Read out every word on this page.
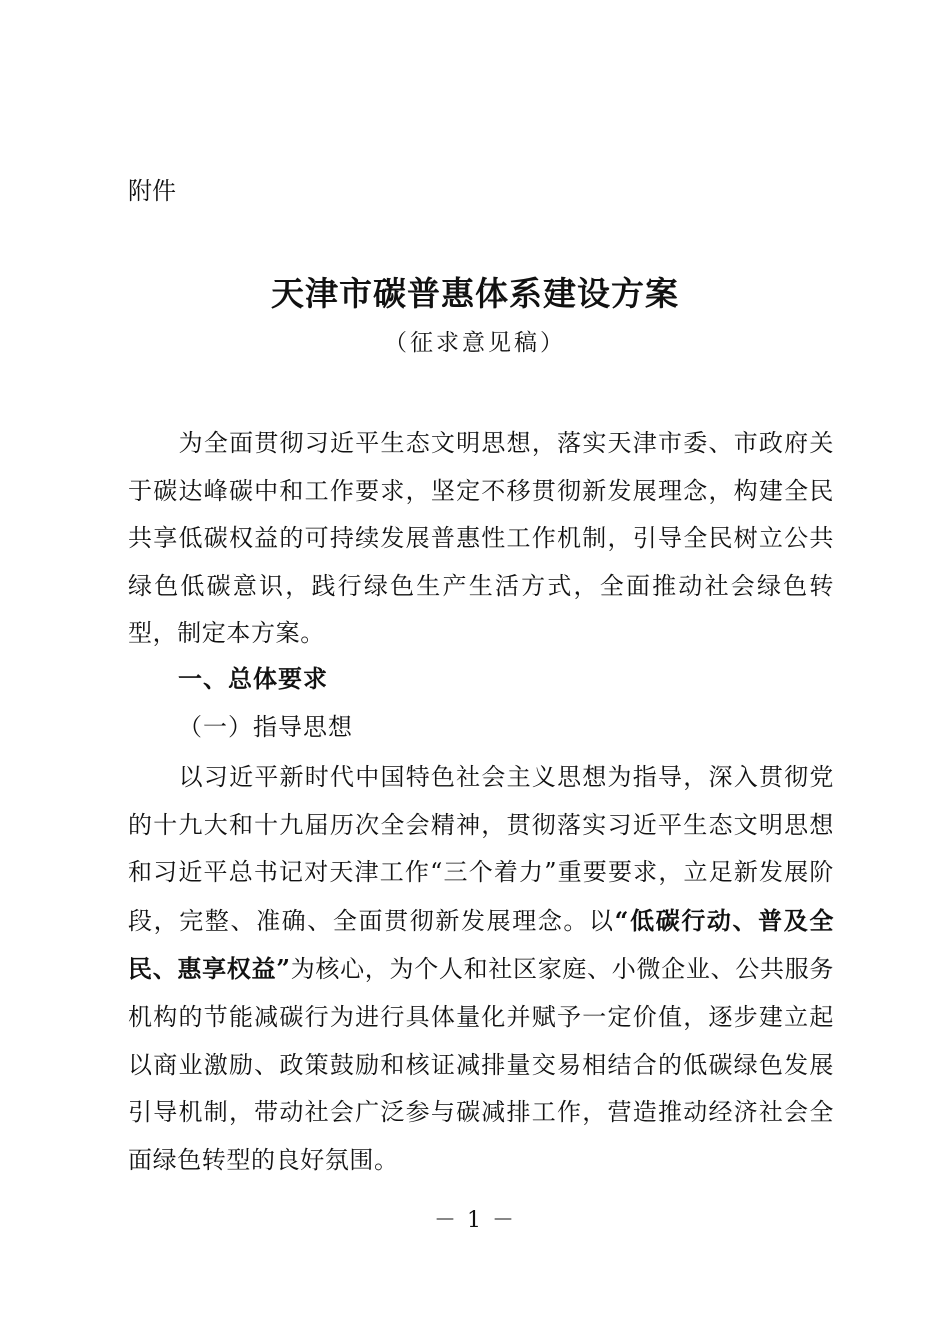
附件
天津市碳普惠体系建设方案
（征求意见稿）
为全面贯彻习近平生态文明思想，落实天津市委、市政府关于碳达峰碳中和工作要求，坚定不移贯彻新发展理念，构建全民共享低碳权益的可持续发展普惠性工作机制，引导全民树立公共绿色低碳意识，践行绿色生产生活方式，全面推动社会绿色转型，制定本方案。
一、总体要求
（一）指导思想
以习近平新时代中国特色社会主义思想为指导，深入贯彻党的十九大和十九届历次全会精神，贯彻落实习近平生态文明思想和习近平总书记对天津工作“三个着力”重要要求，立足新发展阶段，完整、准确、全面贯彻新发展理念。以“低碳行动、普及全民、惠享权益”为核心，为个人和社区家庭、小微企业、公共服务机构的节能减碳行为进行具体量化并赋予一定价值，逐步建立起以商业激励、政策鼓励和核证减排量交易相结合的低碳绿色发展引导机制，带动社会广泛参与碳减排工作，营造推动经济社会全面绿色转型的良好氛围。
－ 1 －
